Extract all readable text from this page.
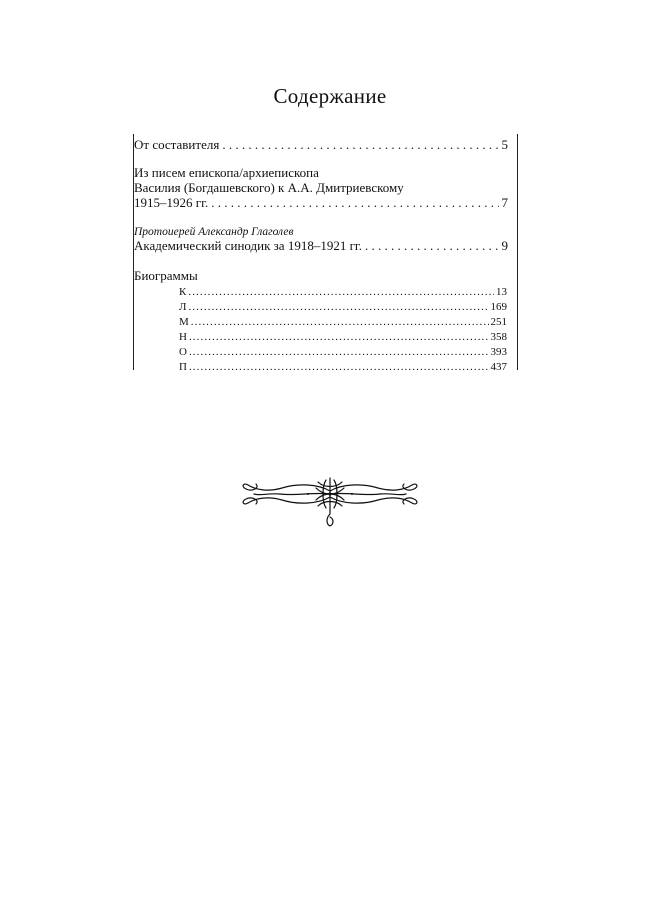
Содержание
От составителя . . .	5
Из писем епископа/архиепископа
Василия (Богдашевского) к А.А. Дмитриевскому
1915–1926 гг. . . .	7
Протоиерей Александр Глаголев
Академический синодик за 1918–1921 гг. . . .	9
Биограммы
К .....	13
Л .....	169
М .....	251
Н .....	358
О .....	393
П .....	437
